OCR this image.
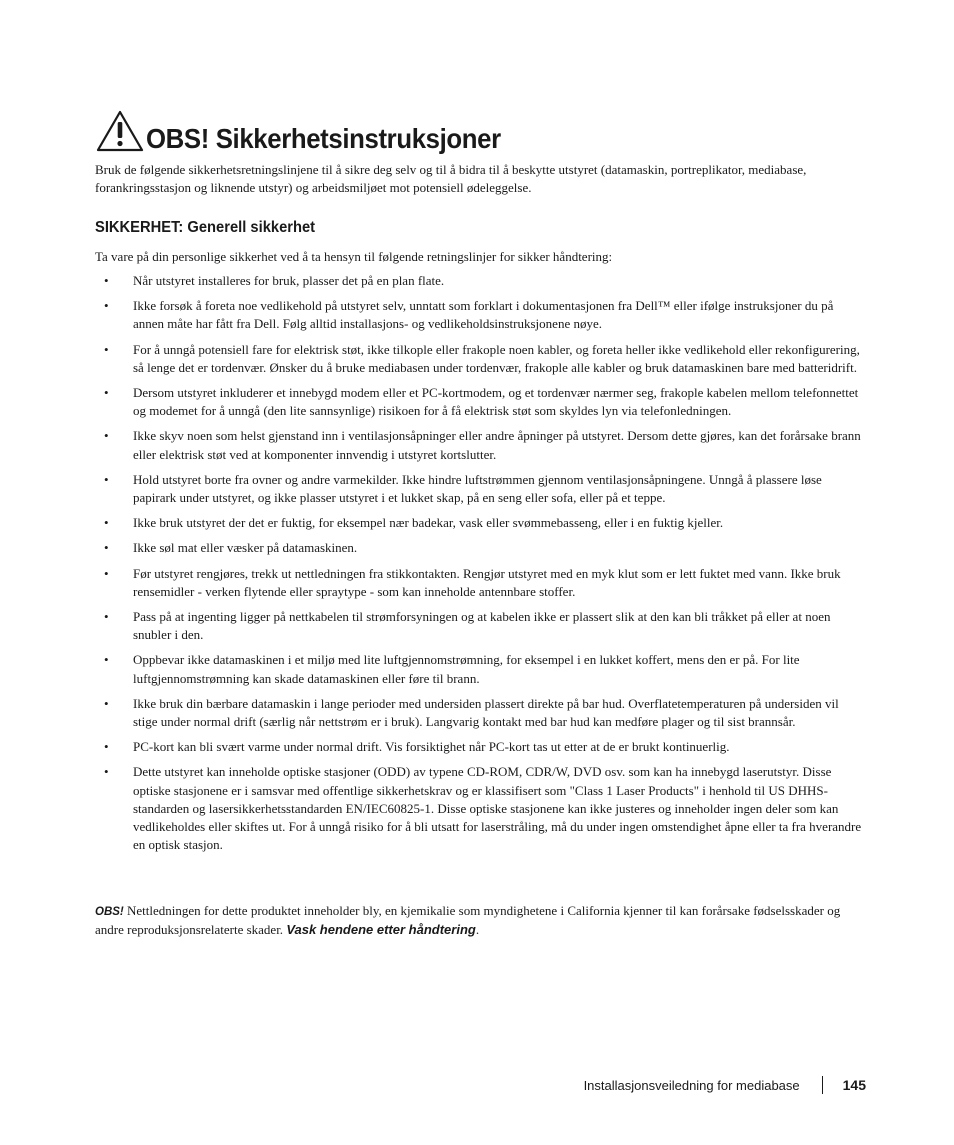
OBS! Sikkerhetsinstruksjoner
Bruk de følgende sikkerhetsretningslinjene til å sikre deg selv og til å bidra til å beskytte utstyret (datamaskin, portreplikator, mediabase, forankringsstasjon og liknende utstyr) og arbeidsmiljøet mot potensiell ødeleggelse.
SIKKERHET: Generell sikkerhet
Ta vare på din personlige sikkerhet ved å ta hensyn til følgende retningslinjer for sikker håndtering:
• Når utstyret installeres for bruk, plasser det på en plan flate.
• Ikke forsøk å foreta noe vedlikehold på utstyret selv, unntatt som forklart i dokumentasjonen fra Dell™ eller ifølge instruksjoner du på annen måte har fått fra Dell. Følg alltid installasjons- og vedlikeholdsinstruksjonene nøye.
• For å unngå potensiell fare for elektrisk støt, ikke tilkople eller frakople noen kabler, og foreta heller ikke vedlikehold eller rekonfigurering, så lenge det er tordenvær. Ønsker du å bruke mediabasen under tordenvær, frakople alle kabler og bruk datamaskinen bare med batteridrift.
• Dersom utstyret inkluderer et innebygd modem eller et PC-kortmodem, og et tordenvær nærmer seg, frakople kabelen mellom telefonnettet og modemet for å unngå (den lite sannsynlige) risikoen for å få elektrisk støt som skyldes lyn via telefonledningen.
• Ikke skyv noen som helst gjenstand inn i ventilasjonsåpninger eller andre åpninger på utstyret. Dersom dette gjøres, kan det forårsake brann eller elektrisk støt ved at komponenter innvendig i utstyret kortslutter.
• Hold utstyret borte fra ovner og andre varmekilder. Ikke hindre luftstrømmen gjennom ventilasjonsåpningene. Unngå å plassere løse papirark under utstyret, og ikke plasser utstyret i et lukket skap, på en seng eller sofa, eller på et teppe.
• Ikke bruk utstyret der det er fuktig, for eksempel nær badekar, vask eller svømmebasseng, eller i en fuktig kjeller.
• Ikke søl mat eller væsker på datamaskinen.
• Før utstyret rengjøres, trekk ut nettledningen fra stikkontakten. Rengjør utstyret med en myk klut som er lett fuktet med vann. Ikke bruk rensemidler - verken flytende eller spraytype - som kan inneholde antennbare stoffer.
• Pass på at ingenting ligger på nettkabelen til strømforsyningen og at kabelen ikke er plassert slik at den kan bli tråkket på eller at noen snubler i den.
• Oppbevar ikke datamaskinen i et miljø med lite luftgjennomstrømning, for eksempel i en lukket koffert, mens den er på. For lite luftgjennomstrømning kan skade datamaskinen eller føre til brann.
• Ikke bruk din bærbare datamaskin i lange perioder med undersiden plassert direkte på bar hud. Overflatetemperaturen på undersiden vil stige under normal drift (særlig når nettstrøm er i bruk). Langvarig kontakt med bar hud kan medføre plager og til sist brannsår.
• PC-kort kan bli svært varme under normal drift. Vis forsiktighet når PC-kort tas ut etter at de er brukt kontinuerlig.
• Dette utstyret kan inneholde optiske stasjoner (ODD) av typene CD-ROM, CDR/W, DVD osv. som kan ha innebygd laserutstyr. Disse optiske stasjonene er i samsvar med offentlige sikkerhetskrav og er klassifisert som "Class 1 Laser Products" i henhold til US DHHS-standarden og lasersikkerhetsstandarden EN/IEC60825-1. Disse optiske stasjonene kan ikke justeres og inneholder ingen deler som kan vedlikeholdes eller skiftes ut. For å unngå risiko for å bli utsatt for laserstråling, må du under ingen omstendighet åpne eller ta fra hverandre en optisk stasjon.
OBS! Nettledningen for dette produktet inneholder bly, en kjemikalie som myndighetene i California kjenner til kan forårsake fødselsskader og andre reproduksjonsrelaterte skader. Vask hendene etter håndtering.
Installasjonsveiledning for mediabase	145
